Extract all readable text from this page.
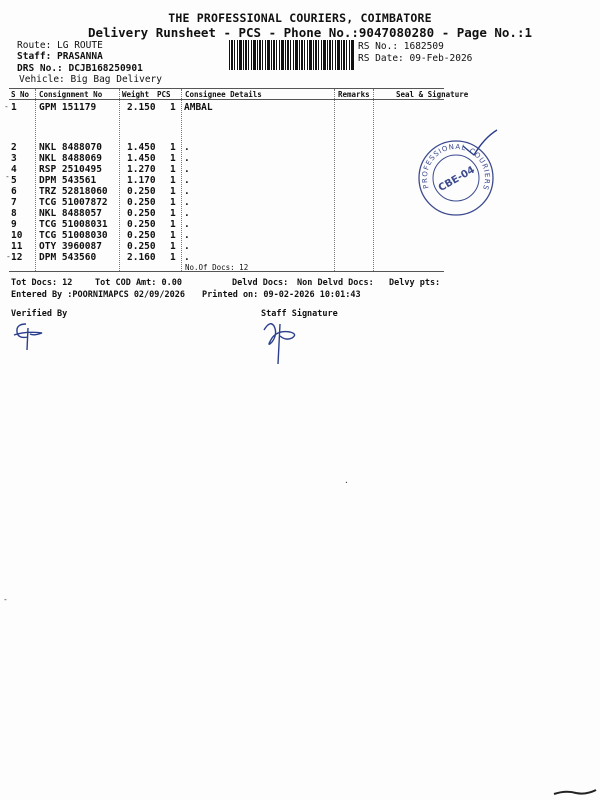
THE PROFESSIONAL COURIERS, COIMBATORE
Delivery Runsheet - PCS - Phone No.:9047080280 - Page No.:1
Route: LG ROUTE
Staff: PRASANNA
DRS No.: DCJB168250901
Vehicle: Big Bag Delivery
RS No.: 1682509
RS Date: 09-Feb-2026
S No Consignment No	Weight PCS Consignee Details	Remarks	Seal & Signature
1 GPM 151179	2.150 1 AMBAL
2 NKL 8488070	1.450 1 .
3 NKL 8488069	1.450 1 .
4 RSP 2510495	1.270 1 .
5 DPM 543561	1.170 1 .
6 TRZ 52818060 0.250 1 .
7 TCG 51007872 0.250 1 .
8 NKL 8488057	0.250 1 .
9 TCG 51008031 0.250 1 .
10 TCG 51008030 0.250 1 .
11 OTY 3960087	0.250 1 .
12 DPM 543560	2.160 1 .
No.Of Docs: 12
Tot Docs: 12	Tot COD Amt: 0.00	Delvd Docs: Non Delvd Docs: Delvy pts:
Entered By :POORNIMAPCS 02/09/2026 Printed on: 09-02-2026 10:01:43
Verified By	Staff Signature
PROFESSIONAL COURIERS
CBE-04
-
-
-
-
·
